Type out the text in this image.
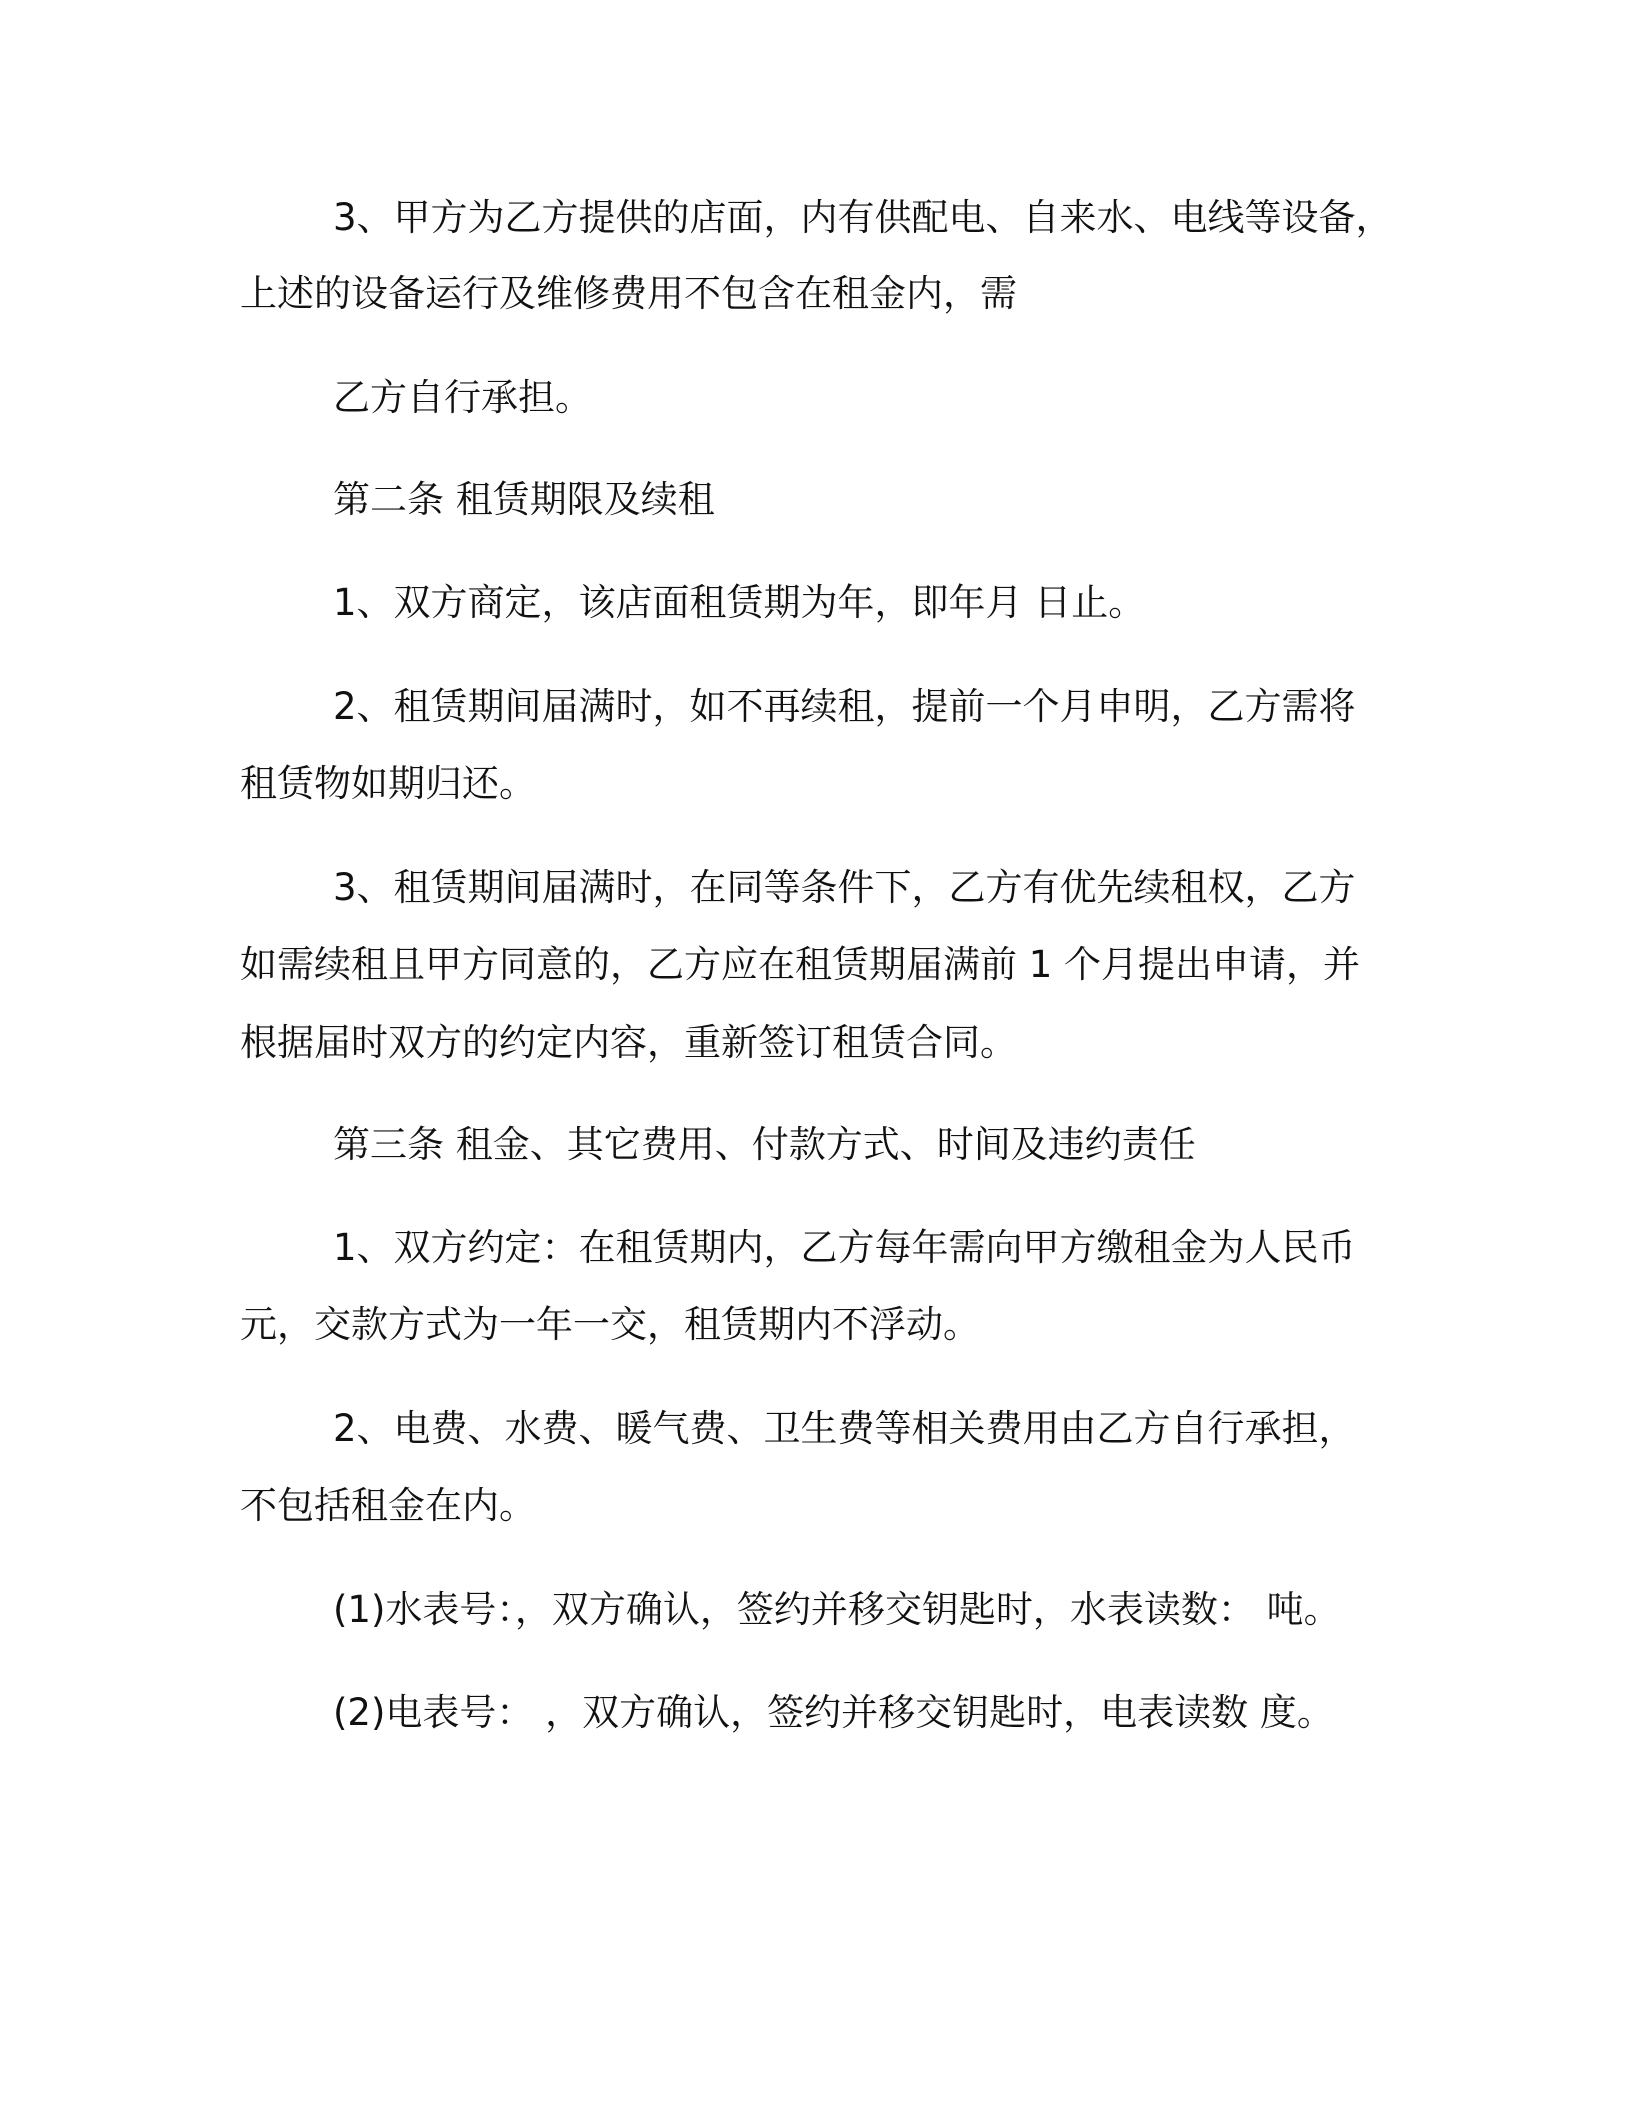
3、甲方为乙方提供的店面，内有供配电、自来水、电线等设备，
上述的设备运行及维修费用不包含在租金内，需
乙方自行承担。
第二条 租赁期限及续租
1、双方商定，该店面租赁期为年，即年月 日止。
2、租赁期间届满时，如不再续租，提前一个月申明，乙方需将
租赁物如期归还。
3、租赁期间届满时，在同等条件下，乙方有优先续租权，乙方
如需续租且甲方同意的，乙方应在租赁期届满前 1 个月提出申请，并
根据届时双方的约定内容，重新签订租赁合同。
第三条 租金、其它费用、付款方式、时间及违约责任
1、双方约定：在租赁期内，乙方每年需向甲方缴租金为人民币
元，交款方式为一年一交，租赁期内不浮动。
2、电费、水费、暖气费、卫生费等相关费用由乙方自行承担，
不包括租金在内。
(1)水表号：，双方确认，签约并移交钥匙时，水表读数： 吨。
(2)电表号： ，双方确认，签约并移交钥匙时，电表读数 度。
